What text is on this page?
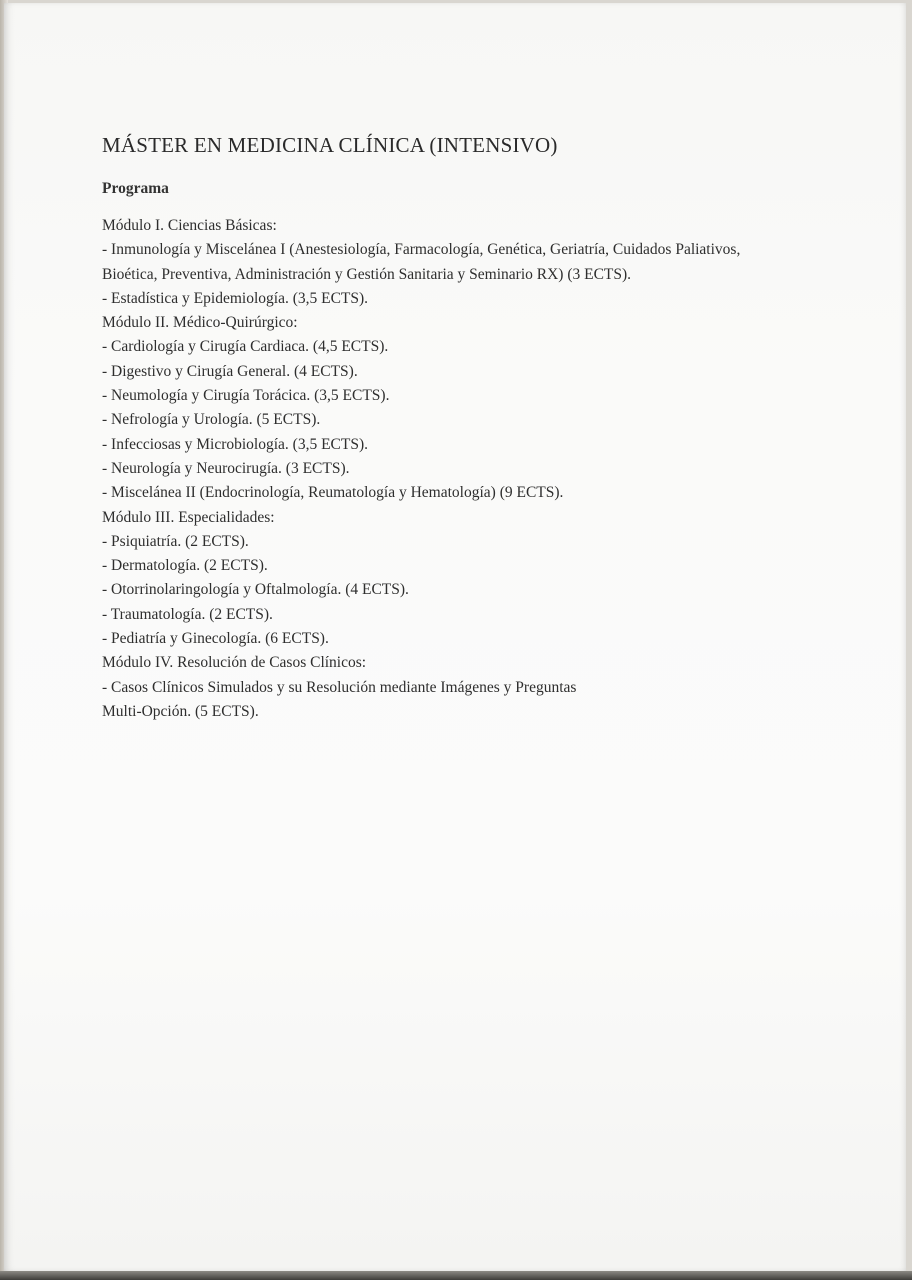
MÁSTER EN MEDICINA CLÍNICA (INTENSIVO)
Programa
Módulo I. Ciencias Básicas:
- Inmunología y Miscelánea I (Anestesiología, Farmacología, Genética, Geriatría, Cuidados Paliativos,
Bioética, Preventiva, Administración y Gestión Sanitaria y Seminario RX) (3 ECTS).
- Estadística y Epidemiología. (3,5 ECTS).
Módulo II. Médico-Quirúrgico:
- Cardiología y Cirugía Cardiaca. (4,5 ECTS).
- Digestivo y Cirugía General. (4 ECTS).
- Neumología y Cirugía Torácica. (3,5 ECTS).
- Nefrología y Urología. (5 ECTS).
- Infecciosas y Microbiología. (3,5 ECTS).
- Neurología y Neurocirugía. (3 ECTS).
- Miscelánea II (Endocrinología, Reumatología y Hematología) (9 ECTS).
Módulo III. Especialidades:
- Psiquiatría. (2 ECTS).
- Dermatología. (2 ECTS).
- Otorrinolaringología y Oftalmología. (4 ECTS).
- Traumatología. (2 ECTS).
- Pediatría y Ginecología. (6 ECTS).
Módulo IV. Resolución de Casos Clínicos:
- Casos Clínicos Simulados y su Resolución mediante Imágenes y Preguntas
Multi-Opción. (5 ECTS).
